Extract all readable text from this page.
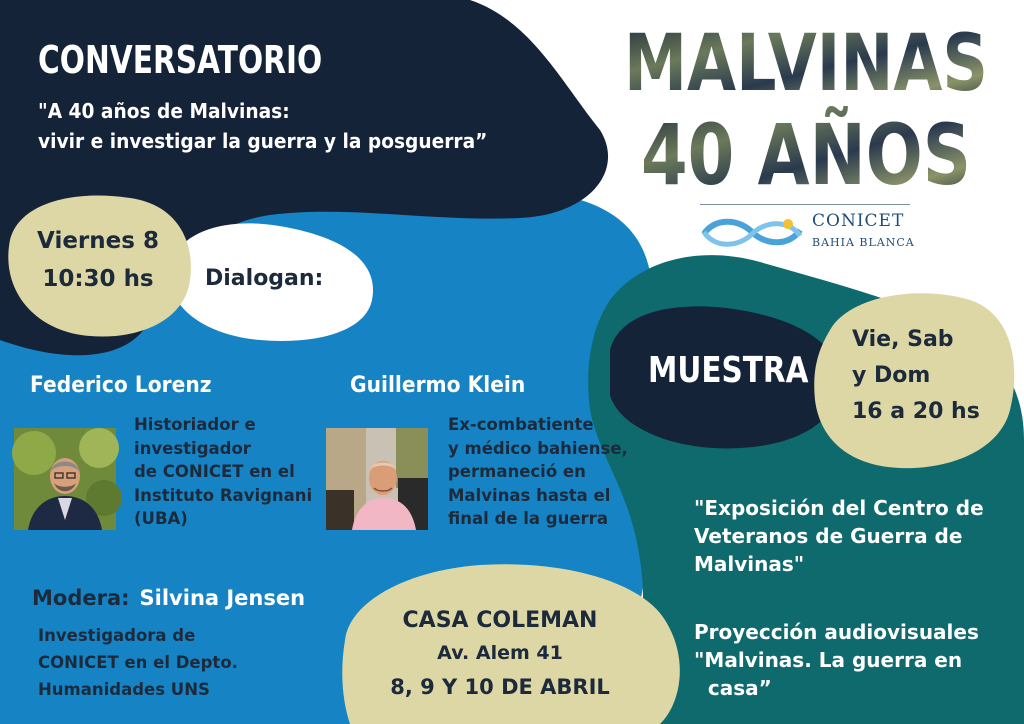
CONVERSATORIO
"A 40 años de Malvinas:
vivir e investigar la guerra y la posguerra”
Viernes 8
10:30 hs	Dialogan:
Federico Lorenz	Guillermo Klein
Historiador e
investigador
de CONICET en el
Instituto Ravignani
(UBA)
Ex-combatiente
y médico bahiense,
permaneció en
Malvinas hasta el
final de la guerra
Modera: Silvina Jensen
Investigadora de
CONICET en el Depto.
Humanidades UNS
CASA COLEMAN
Av. Alem 41
8, 9 Y 10 DE ABRIL
MALVINAS
40 AÑOS
CONICET
BAHIA BLANCA
MUESTRA
Vie, Sab
y Dom
16 a 20 hs
"Exposición del Centro de
Veteranos de Guerra de
Malvinas"
Proyección audiovisuales
"Malvinas. La guerra en
casa”
